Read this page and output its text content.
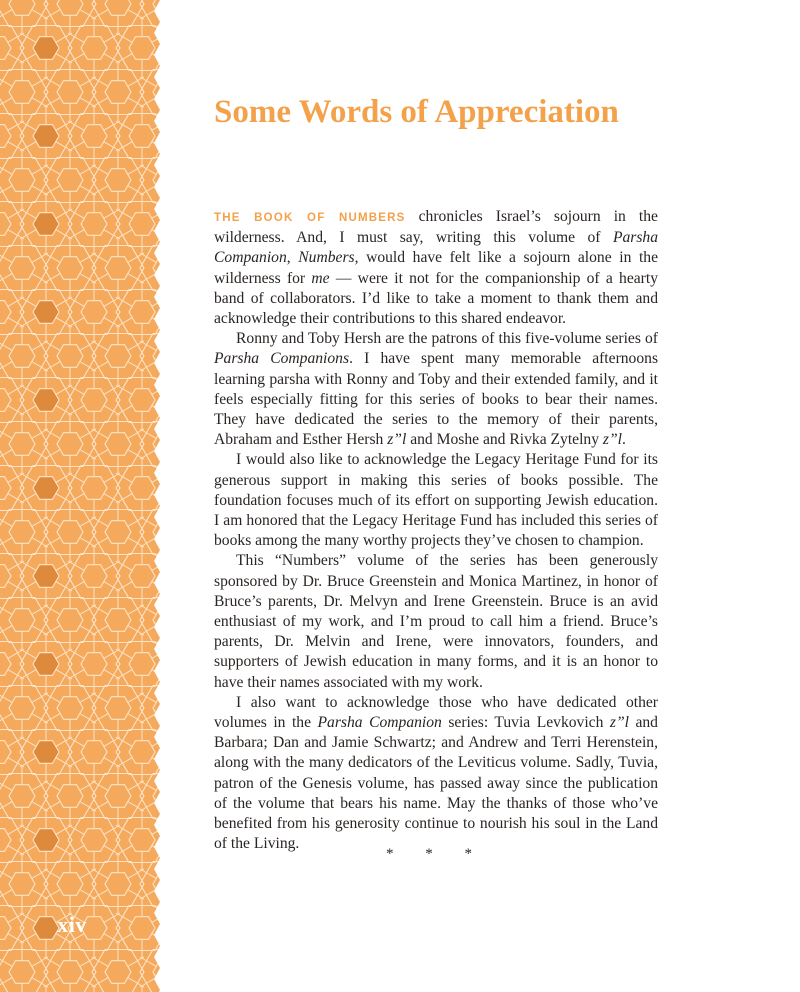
xiv
Some Words of Appreciation

THE BOOK OF NUMBERS chronicles Israel’s sojourn in the wilderness. And, I must say, writing this volume of Parsha Companion, Numbers, would have felt like a sojourn alone in the wilderness for me — were it not for the companionship of a hearty band of collaborators. I’d like to take a moment to thank them and acknowledge their contributions to this shared endeavor.

Ronny and Toby Hersh are the patrons of this five-volume series of Parsha Companions. I have spent many memorable afternoons learning parsha with Ronny and Toby and their extended family, and it feels especially fitting for this series of books to bear their names. They have dedicated the series to the memory of their parents, Abraham and Esther Hersh z”l and Moshe and Rivka Zytelny z”l.

I would also like to acknowledge the Legacy Heritage Fund for its generous support in making this series of books possible. The foundation focuses much of its effort on supporting Jewish education. I am honored that the Legacy Heritage Fund has included this series of books among the many worthy projects they’ve chosen to champion.

This “Numbers” volume of the series has been generously sponsored by Dr. Bruce Greenstein and Monica Martinez, in honor of Bruce’s parents, Dr. Melvyn and Irene Greenstein. Bruce is an avid enthusiast of my work, and I’m proud to call him a friend. Bruce’s parents, Dr. Melvin and Irene, were innovators, founders, and supporters of Jewish education in many forms, and it is an honor to have their names associated with my work.

I also want to acknowledge those who have dedicated other volumes in the Parsha Companion series: Tuvia Levkovich z”l and Barbara; Dan and Jamie Schwartz; and Andrew and Terri Herenstein, along with the many dedicators of the Leviticus volume. Sadly, Tuvia, patron of the Genesis volume, has passed away since the publication of the volume that bears his name. May the thanks of those who’ve benefited from his generosity continue to nourish his soul in the Land of the Living.

* * *
